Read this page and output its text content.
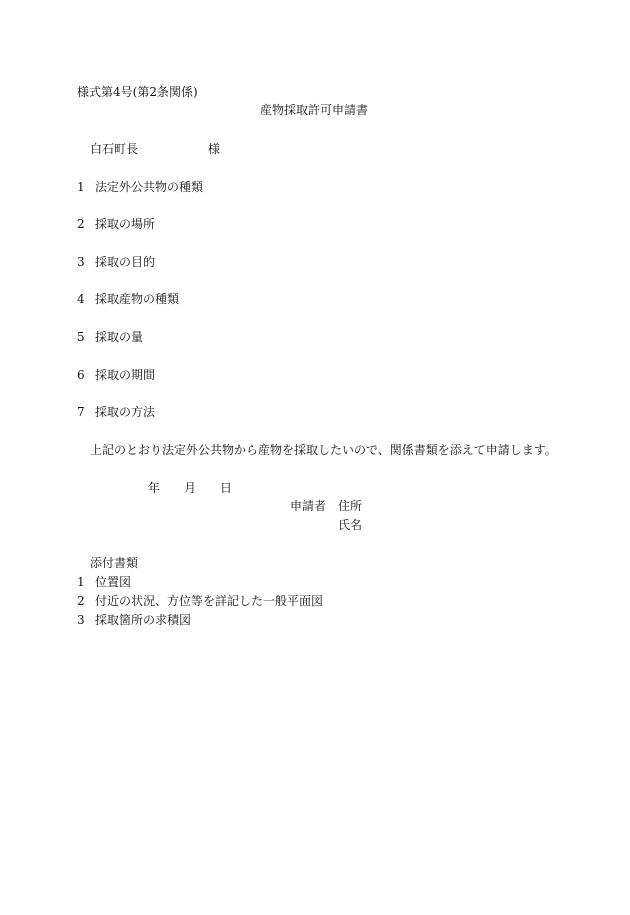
様式第4号(第2条関係)
産物採取許可申請書
白石町長	様
1 法定外公共物の種類
2 採取の場所
3 採取の目的
4 採取産物の種類
5 採取の量
6 採取の期間
7 採取の方法
上記のとおり法定外公共物から産物を採取したいので、関係書類を添えて申請します。
年 月 日
申請者 住所
氏名
添付書類
1 位置図
2 付近の状況、方位等を詳記した一般平面図
3 採取箇所の求積図
